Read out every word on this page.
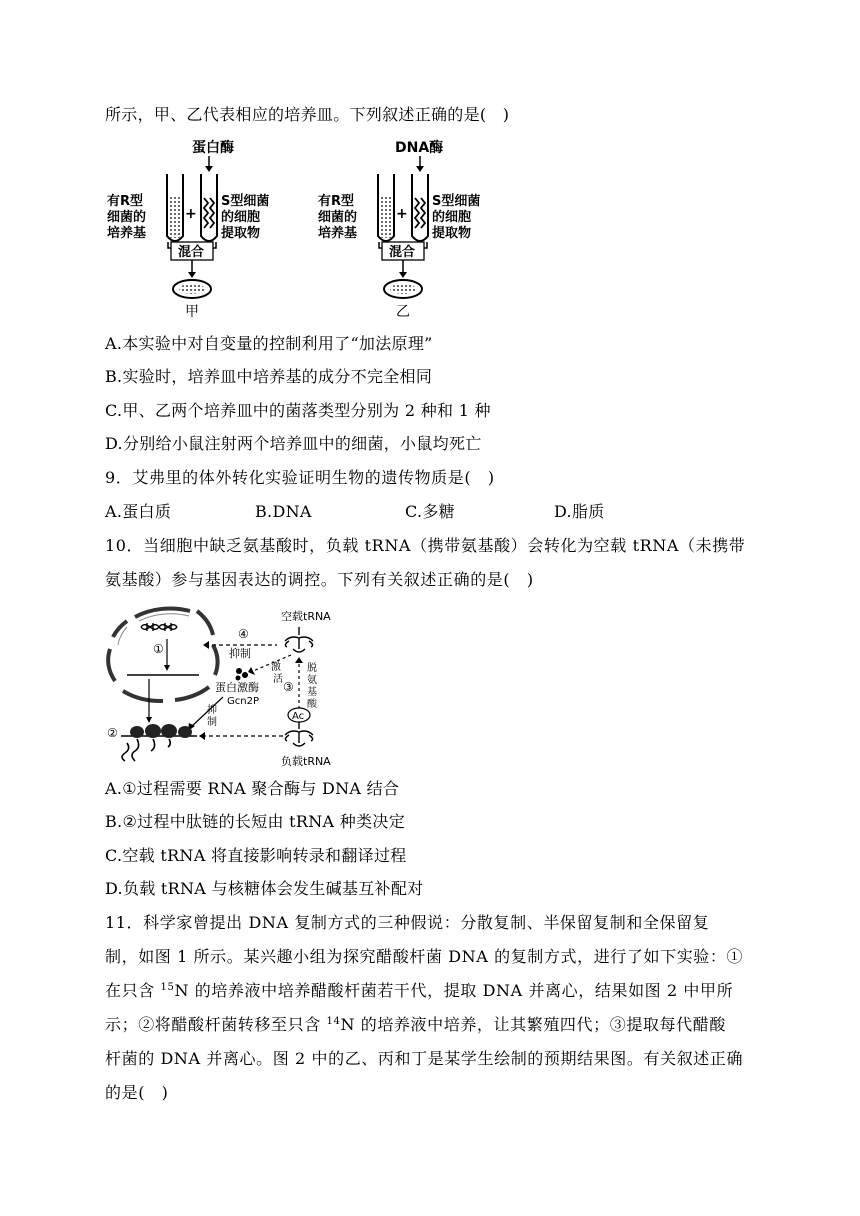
所示，甲、乙代表相应的培养皿。下列叙述正确的是(　)
蛋白酶
有R型
细菌的
培养基
+
S型细菌
的细胞
提取物
混合
甲
DNA酶
有R型
细菌的
培养基
+
S型细菌
的细胞
提取物
混合
乙
A.本实验中对自变量的控制利用了“加法原理”
B.实验时，培养皿中培养基的成分不完全相同
C.甲、乙两个培养皿中的菌落类型分别为 2 种和 1 种
D.分别给小鼠注射两个培养皿中的细菌，小鼠均死亡
9．艾弗里的体外转化实验证明生物的遗传物质是(　)
A.蛋白质	B.DNA	C.多糖	D.脂质
10．当细胞中缺乏氨基酸时，负载 tRNA（携带氨基酸）会转化为空载 tRNA（未携带
氨基酸）参与基因表达的调控。下列有关叙述正确的是(　)
①
④
抑制
空载tRNA
激
活
蛋白激酶
Gcn2P
抑
制
③
脱
氨
基
酸
Ac
负载tRNA
②
A.①过程需要 RNA 聚合酶与 DNA 结合
B.②过程中肽链的长短由 tRNA 种类决定
C.空载 tRNA 将直接影响转录和翻译过程
D.负载 tRNA 与核糖体会发生碱基互补配对
11．科学家曾提出 DNA 复制方式的三种假说：分散复制、半保留复制和全保留复
制，如图 1 所示。某兴趣小组为探究醋酸杆菌 DNA 的复制方式，进行了如下实验：①
在只含 $^{15}$N 的培养液中培养醋酸杆菌若干代，提取 DNA 并离心，结果如图 2 中甲所
示；②将醋酸杆菌转移至只含 $^{14}$N 的培养液中培养，让其繁殖四代；③提取每代醋酸
杆菌的 DNA 并离心。图 2 中的乙、丙和丁是某学生绘制的预期结果图。有关叙述正确
的是(　)
